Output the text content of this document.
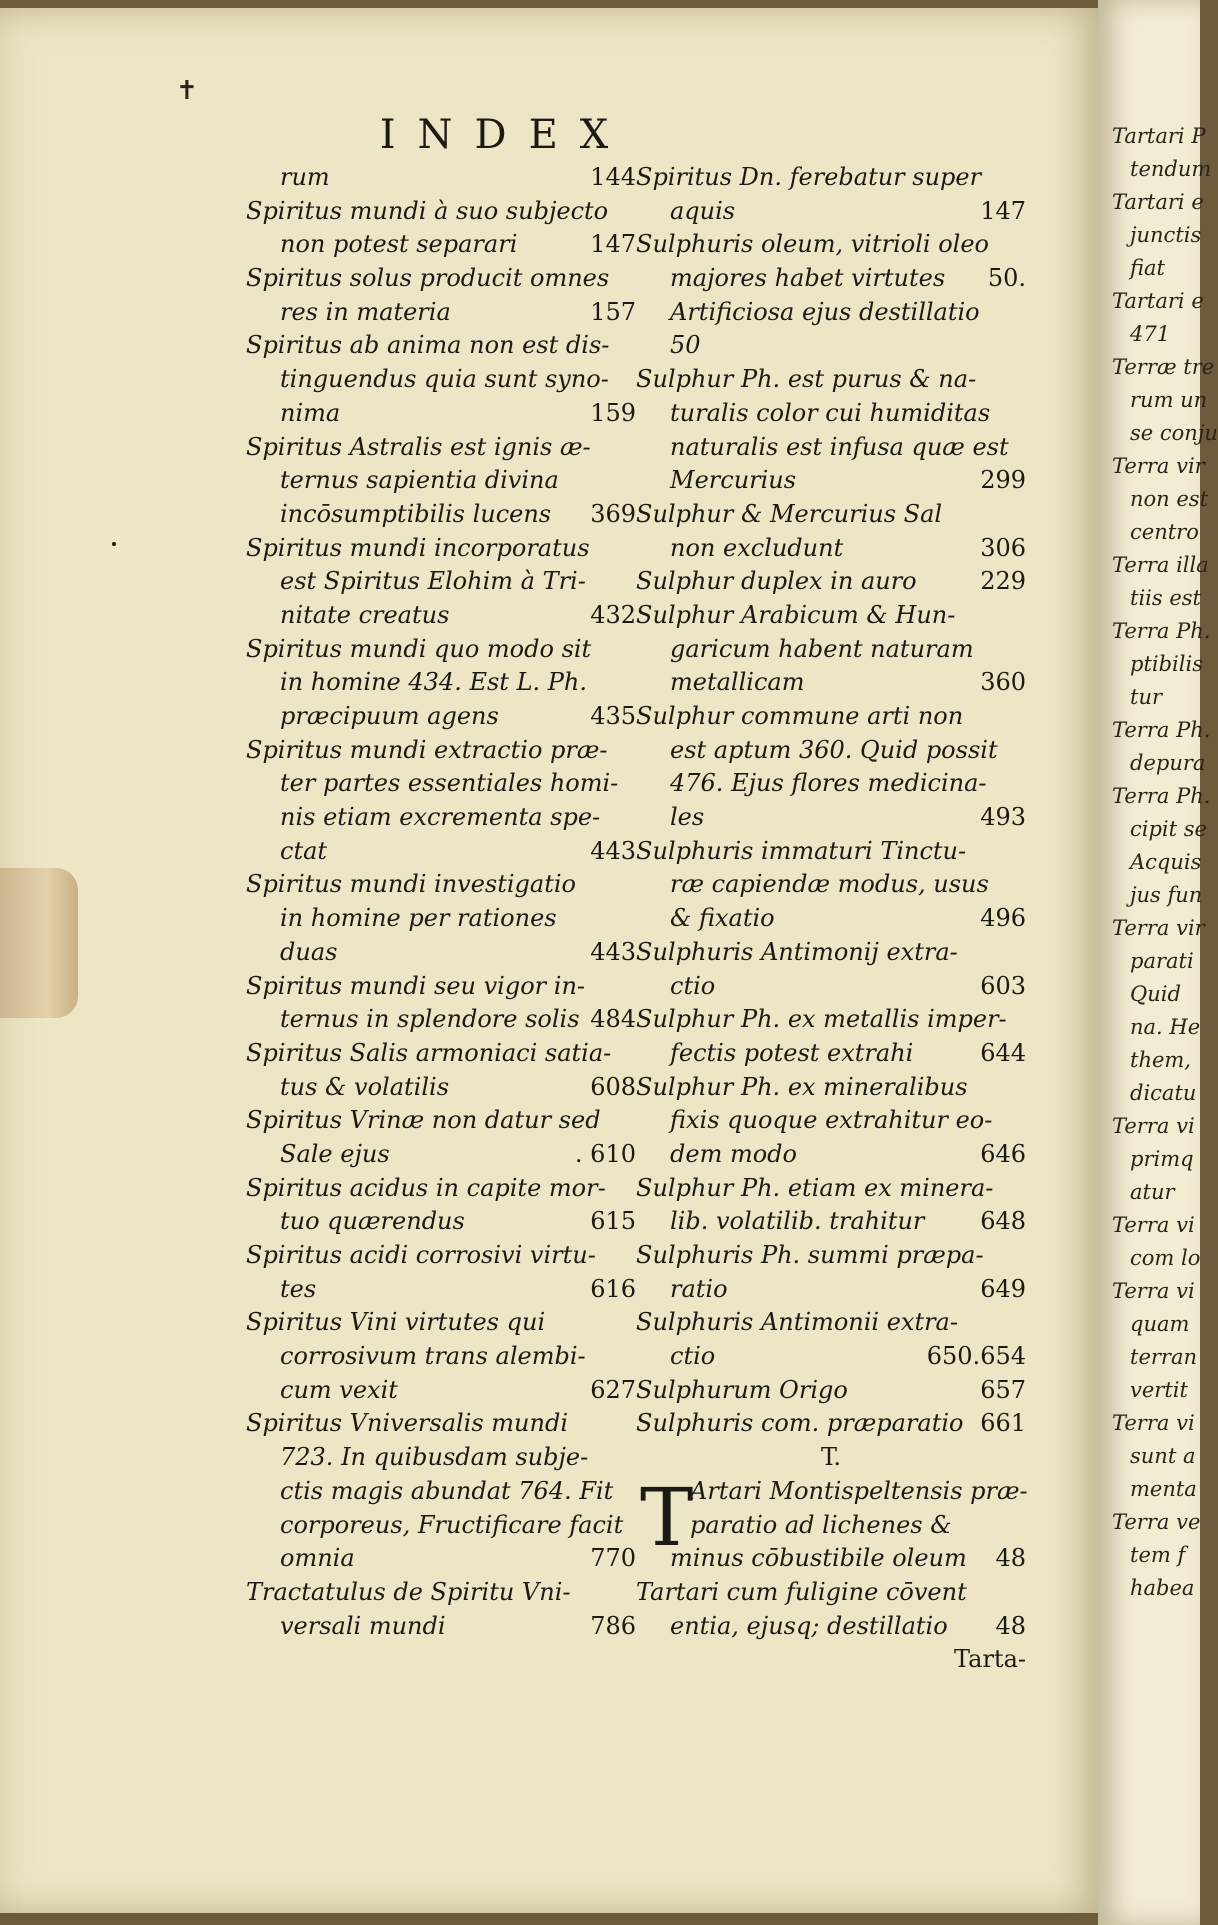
✝
INDEX
rum	144
Spiritus mundi à suo subjecto
non potest separari	147
Spiritus solus producit omnes
res in materia	157
Spiritus ab anima non est dis-
tinguendus quia sunt syno-
nima	159
Spiritus Astralis est ignis æ-
ternus sapientia divina
incōsumptibilis lucens	369
Spiritus mundi incorporatus
est Spiritus Elohim à Tri-
nitate creatus	432
Spiritus mundi quo modo sit
in homine 434. Est L. Ph.
præcipuum agens	435
Spiritus mundi extractio præ-
ter partes essentiales homi-
nis etiam excrementa spe-
ctat	443
Spiritus mundi investigatio
in homine per rationes
duas	443
Spiritus mundi seu vigor in-
ternus in splendore solis 484
Spiritus Salis armoniaci satia-
tus & volatilis	608
Spiritus Vrinæ non datur sed
Sale ejus	. 610
Spiritus acidus in capite mor-
tuo quærendus	615
Spiritus acidi corrosivi virtu-
tes	616
Spiritus Vini virtutes qui
corrosivum trans alembi-
cum vexit	627
Spiritus Vniversalis mundi
723. In quibusdam subje-
ctis magis abundat 764. Fit
corporeus, Fructificare facit
omnia	770
Tractatulus de Spiritu Vni-
versali mundi	786
Spiritus Dn. ferebatur super
aquis	147
Sulphuris oleum, vitrioli oleo
majores habet virtutes	50.
Artificiosa ejus destillatio
50
Sulphur Ph. est purus & na-
turalis color cui humiditas
naturalis est infusa quæ est
Mercurius	299
Sulphur & Mercurius Sal
non excludunt	306
Sulphur duplex in auro	229
Sulphur Arabicum & Hun-
garicum habent naturam
metallicam	360
Sulphur commune arti non
est aptum 360. Quid possit
476. Ejus flores medicina-
les	493
Sulphuris immaturi Tinctu-
ræ capiendæ modus, usus
& fixatio	496
Sulphuris Antimonij extra-
ctio	603
Sulphur Ph. ex metallis imper-
fectis potest extrahi	644
Sulphur Ph. ex mineralibus
fixis quoque extrahitur eo-
dem modo	646
Sulphur Ph. etiam ex minera-
lib. volatilib. trahitur	648
Sulphuris Ph. summi præpa-
ratio	649
Sulphuris Antimonii extra-
ctio	650.654
Sulphurum Origo	657
Sulphuris com. præparatio 661
T.
Artari Montispeltensis præ-
paratio ad lichenes &
minus cōbustibile oleum	48
Tartari cum fuligine cōvent
entia, ejusq; destillatio	48
Tarta-
T
Tartari P
tendum
Tartari e
junctis
fiat
Tartari e
471
Terræ tre
rum un
se conju
Terra vir
non est
centro
Terra illa
tiis est
Terra Ph.
ptibilis
tur
Terra Ph.
depura
Terra Ph.
cipit se
Acquis
jus fun
Terra vir
parati
Quid
na. He
them,
dicatu
Terra vi
primq
atur
Terra vi
com lo
Terra vi
quam
terran
vertit
Terra vi
sunt a
menta
Terra ve
tem f
habea
